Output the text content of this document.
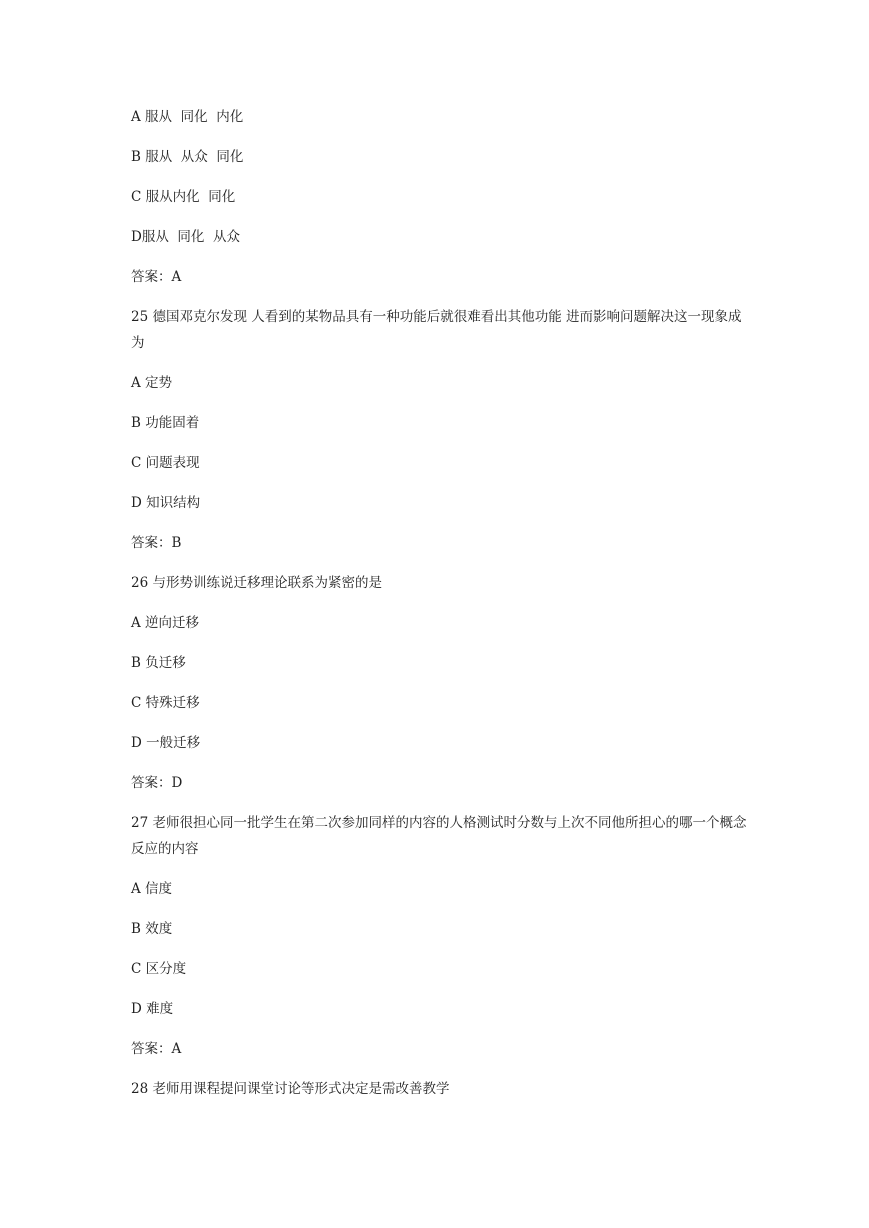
A 服从  同化  内化
B 服从  从众  同化
C 服从内化  同化
D服从  同化  从众
答案：A
25 德国邓克尔发现 人看到的某物品具有一种功能后就很难看出其他功能 进而影响问题解决这一现象成为
A 定势
B 功能固着
C 问题表现
D 知识结构
答案：B
26 与形势训练说迁移理论联系为紧密的是
A 逆向迁移
B 负迁移
C 特殊迁移
D 一般迁移
答案：D
27 老师很担心同一批学生在第二次参加同样的内容的人格测试时分数与上次不同他所担心的哪一个概念反应的内容
A 信度
B 效度
C 区分度
D 难度
答案：A
28 老师用课程提问课堂讨论等形式决定是需改善教学
